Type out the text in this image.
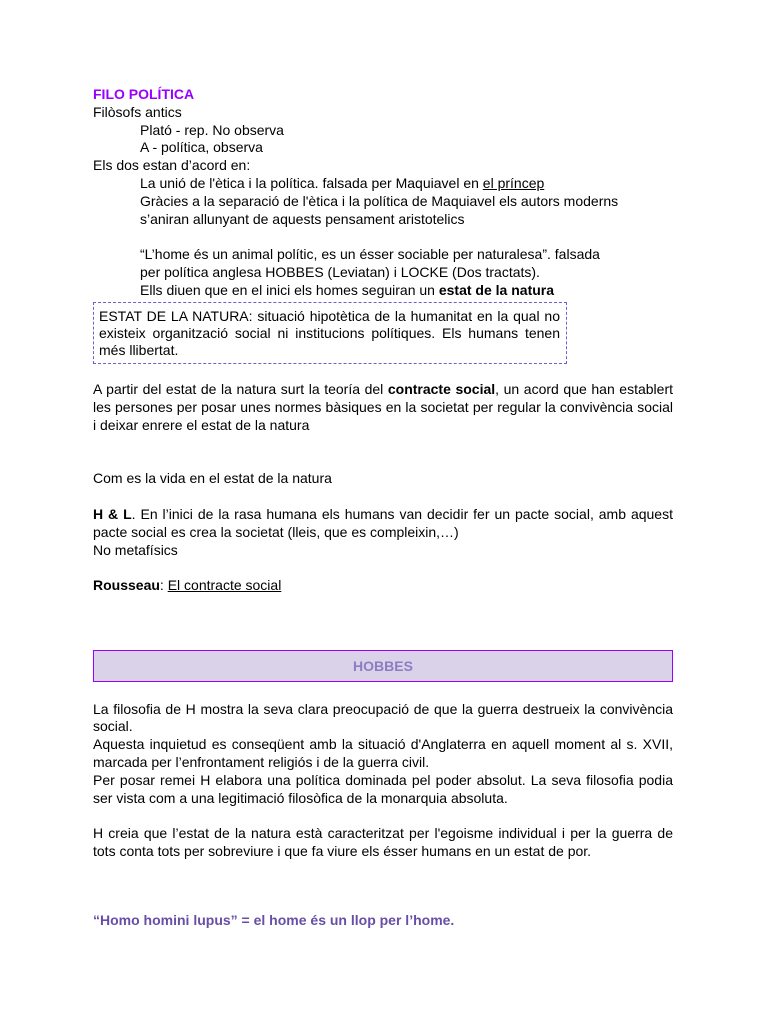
FILO POLÍTICA

Filòsofs antics

Plató - rep. No observa

A - política, observa

Els dos estan d’acord en:

La unió de l'ètica i la política. falsada per Maquiavel en el príncep

Gràcies a la separació de l'ètica i la política de Maquiavel els autors moderns

s’aniran allunyant de aquests pensament aristotelics

“L’home és un animal polític, es un ésser sociable per naturalesa”. falsada

per política anglesa HOBBES (Leviatan) i LOCKE (Dos tractats).

Ells diuen que en el inici els homes seguiran un estat de la natura

ESTAT DE LA NATURA: situació hipotètica de la humanitat en la qual no existeix organització social ni institucions polítiques. Els humans tenen més llibertat.

A partir del estat de la natura surt la teoría del contracte social, un acord que han establert les persones per posar unes normes bàsiques en la societat per regular la convivència social i deixar enrere el estat de la natura

Com es la vida en el estat de la natura

H & L. En l’inici de la rasa humana els humans van decidir fer un pacte social, amb aquest pacte social es crea la societat (lleis, que es compleixin,…)

No metafísics

Rousseau: El contracte social

HOBBES

La filosofia de H mostra la seva clara preocupació de que la guerra destrueix la convivència social.

Aquesta inquietud es conseqüent amb la situació d'Anglaterra en aquell moment al s. XVII, marcada per l’enfrontament religiós i de la guerra civil.

Per posar remei H elabora una política dominada pel poder absolut. La seva filosofia podia ser vista com a una legitimació filosòfica de la monarquia absoluta.

H creia que l’estat de la natura està caracteritzat per l'egoisme individual i per la guerra de tots conta tots per sobreviure i que fa viure els ésser humans en un estat de por.

“Homo homini lupus” = el home és un llop per l’home.
